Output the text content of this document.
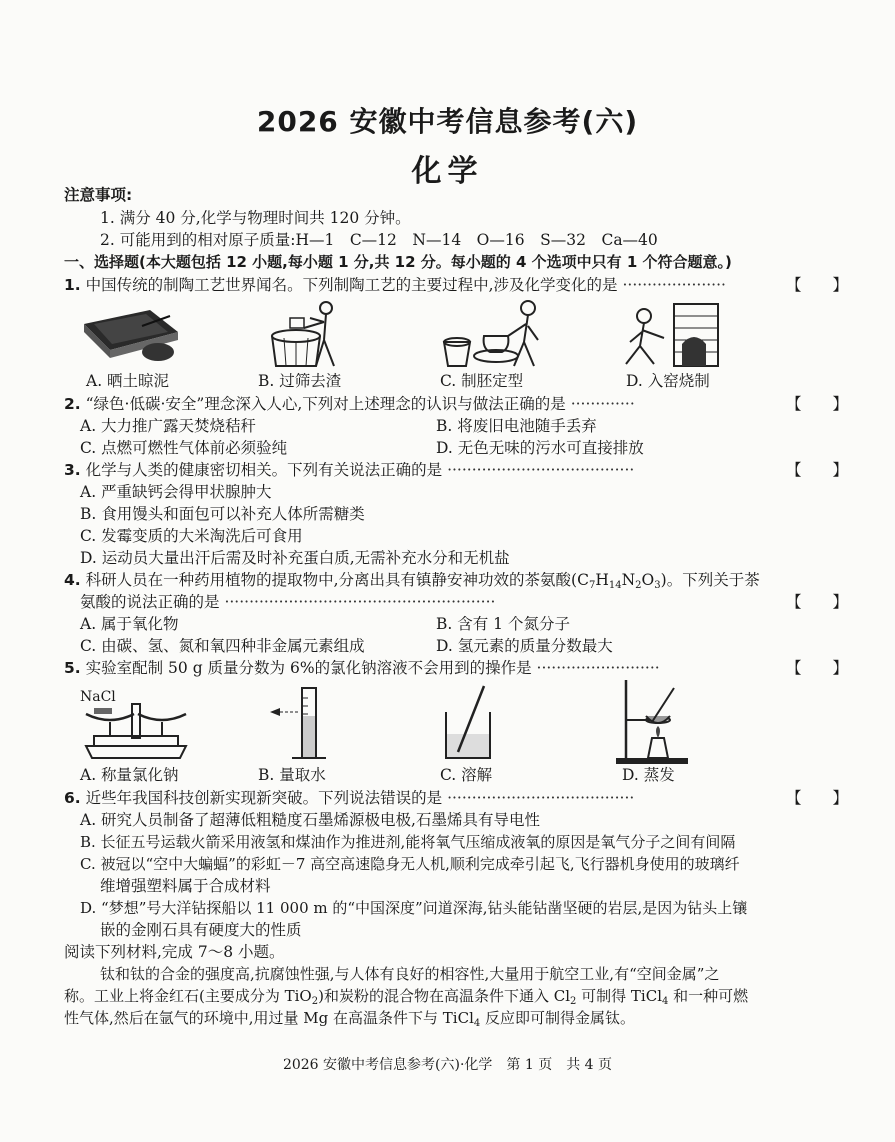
2026 安徽中考信息参考(六)
化学
注意事项:
1. 满分 40 分,化学与物理时间共 120 分钟。
2. 可能用到的相对原子质量:H—1　C—12　N—14　O—16　S—32　Ca—40
一、选择题(本大题包括 12 小题,每小题 1 分,共 12 分。每小题的 4 个选项中只有 1 个符合题意。)
1. 中国传统的制陶工艺世界闻名。下列制陶工艺的主要过程中,涉及化学变化的是 ·····················	【　　】
A. 晒土晾泥	B. 过筛去渣	C. 制胚定型	D. 入窑烧制
2. “绿色·低碳·安全”理念深入人心,下列对上述理念的认识与做法正确的是 ·············	【　　】
A. 大力推广露天焚烧秸秆	B. 将废旧电池随手丢弃
C. 点燃可燃性气体前必须验纯	D. 无色无味的污水可直接排放
3. 化学与人类的健康密切相关。下列有关说法正确的是 ······································	【　　】
A. 严重缺钙会得甲状腺肿大
B. 食用馒头和面包可以补充人体所需糖类
C. 发霉变质的大米淘洗后可食用
D. 运动员大量出汗后需及时补充蛋白质,无需补充水分和无机盐
4. 科研人员在一种药用植物的提取物中,分离出具有镇静安神功效的茶氨酸$(C_7H_{14}N_2O_3)$。下列关于茶
氨酸的说法正确的是 ·······················································	【　　】
A. 属于氧化物	B. 含有 1 个氮分子
C. 由碳、氢、氮和氧四种非金属元素组成	D. 氢元素的质量分数最大
5. 实验室配制 50 g 质量分数为 6%的氯化钠溶液不会用到的操作是 ·························	【　　】
NaCl
A. 称量氯化钠	B. 量取水	C. 溶解	D. 蒸发
6. 近些年我国科技创新实现新突破。下列说法错误的是 ······································	【　　】
A. 研究人员制备了超薄低粗糙度石墨烯源极电极,石墨烯具有导电性
B. 长征五号运载火箭采用液氢和煤油作为推进剂,能将氧气压缩成液氧的原因是氧气分子之间有间隔
C. 被冠以“空中大蝙蝠”的彩虹－7 高空高速隐身无人机,顺利完成牵引起飞,飞行器机身使用的玻璃纤
维增强塑料属于合成材料
D. “梦想”号大洋钻探船以 11 000 m 的“中国深度”问道深海,钻头能钻凿坚硬的岩层,是因为钻头上镶
嵌的金刚石具有硬度大的性质
阅读下列材料,完成 7～8 小题。
钛和钛的合金的强度高,抗腐蚀性强,与人体有良好的相容性,大量用于航空工业,有“空间金属”之
称。工业上将金红石(主要成分为 TiO$_2$)和炭粉的混合物在高温条件下通入 $Cl_2$ 可制得 TiCl$_4$ 和一种可燃
性气体,然后在氩气的环境中,用过量 Mg 在高温条件下与 TiCl$_4$ 反应即可制得金属钛。
2026 安徽中考信息参考(六)·化学　第 1 页　共 4 页
